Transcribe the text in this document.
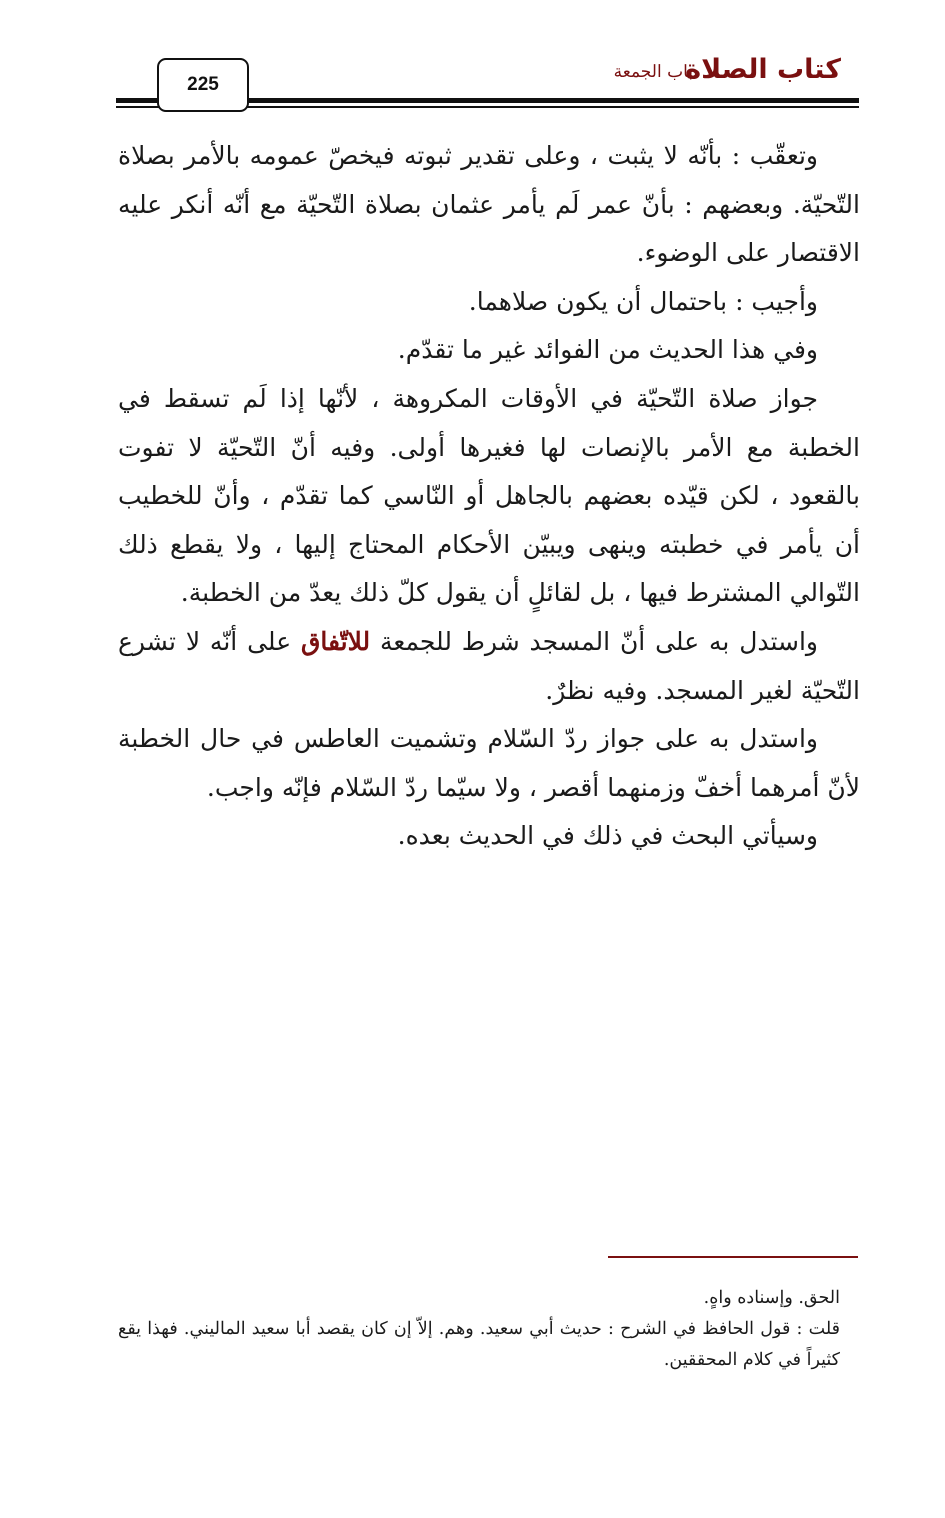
كتاب الصلاة
باب الجمعة
225

وتعقّب : بأنّه لا يثبت ، وعلى تقدير ثبوته فيخصّ عمومه بالأمر بصلاة التّحيّة. وبعضهم : بأنّ عمر لَم يأمر عثمان بصلاة التّحيّة مع أنّه أنكر عليه الاقتصار على الوضوء.

وأجيب : باحتمال أن يكون صلاهما.

وفي هذا الحديث من الفوائد غير ما تقدّم.

جواز صلاة التّحيّة في الأوقات المكروهة ، لأنّها إذا لَم تسقط في الخطبة مع الأمر بالإنصات لها فغيرها أولى. وفيه أنّ التّحيّة لا تفوت بالقعود ، لكن قيّده بعضهم بالجاهل أو النّاسي كما تقدّم ، وأنّ للخطيب أن يأمر في خطبته وينهى ويبيّن الأحكام المحتاج إليها ، ولا يقطع ذلك التّوالي المشترط فيها ، بل لقائلٍ أن يقول كلّ ذلك يعدّ من الخطبة.

واستدل به على أنّ المسجد شرط للجمعة للاتّفاق على أنّه لا تشرع التّحيّة لغير المسجد. وفيه نظرٌ.

واستدل به على جواز ردّ السّلام وتشميت العاطس في حال الخطبة لأنّ أمرهما أخفّ وزمنهما أقصر ، ولا سيّما ردّ السّلام فإنّه واجب.

وسيأتي البحث في ذلك في الحديث بعده.

الحق. وإسناده واهٍ.

قلت : قول الحافظ في الشرح : حديث أبي سعيد. وهم. إلاّ إن كان يقصد أبا سعيد الماليني. فهذا يقع كثيراً في كلام المحققين.
